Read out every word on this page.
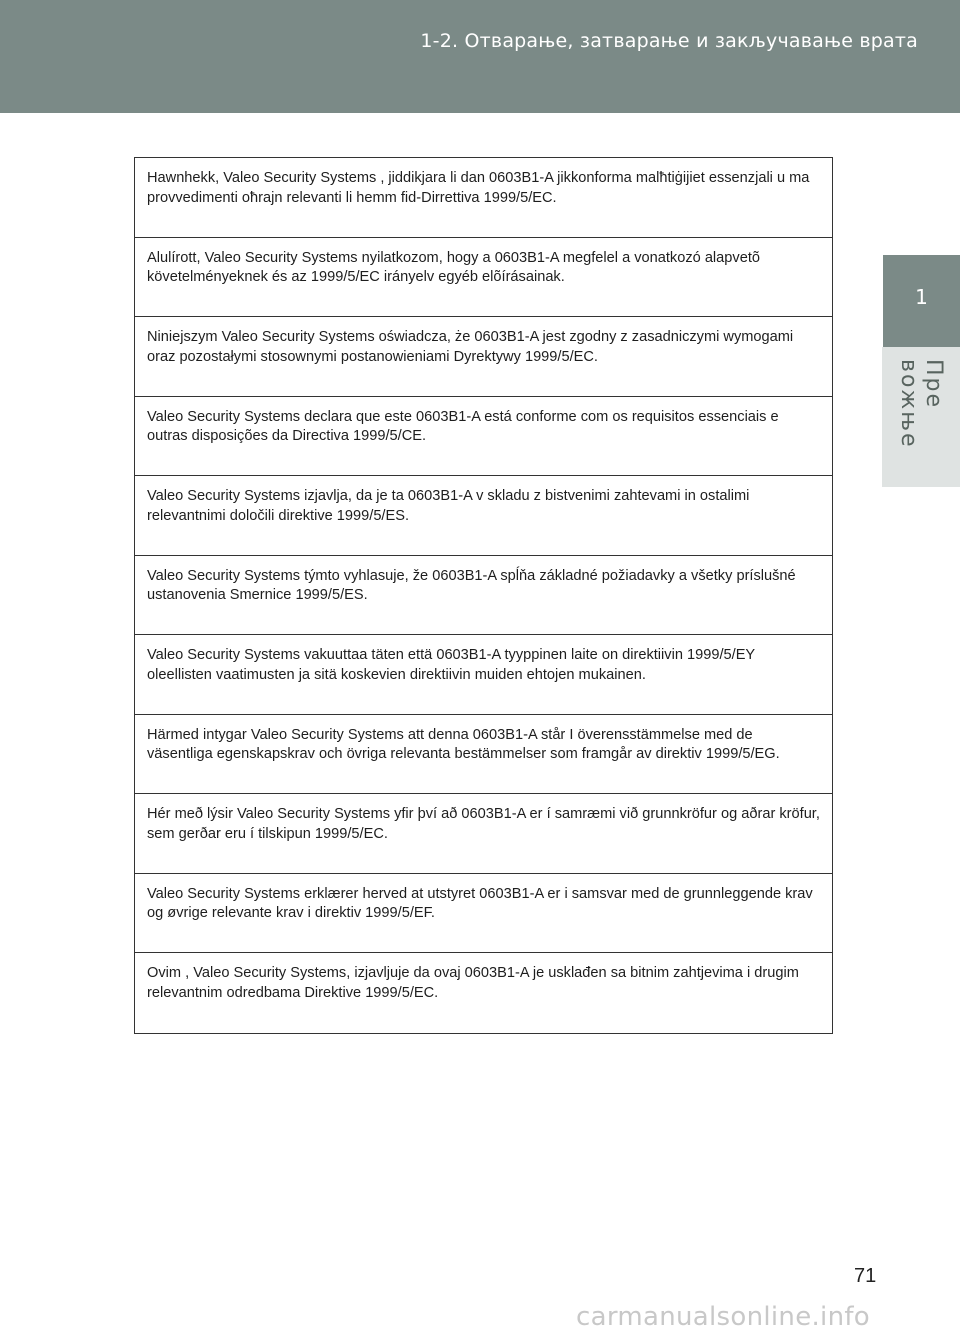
1-2. Отварање, затварање и закључавање врата
1
Пре вожње
Hawnhekk, Valeo Security Systems , jiddikjara li dan 0603B1-A jikkonforma malħtiġijiet essenzjali u ma provvedimenti oħrajn relevanti li hemm fid-Dirrettiva 1999/5/EC.
Alulírott, Valeo Security Systems nyilatkozom, hogy a 0603B1-A megfelel a vonatkozó alapvetõ követelményeknek és az 1999/5/EC irányelv egyéb elõírásainak.
Niniejszym Valeo Security Systems oświadcza, że 0603B1-A jest zgodny z zasadniczymi wymogami oraz pozostałymi stosownymi postanowieniami Dyrektywy 1999/5/EC.
Valeo Security Systems declara que este 0603B1-A está conforme com os requisitos essenciais e outras disposições da Directiva 1999/5/CE.
Valeo Security Systems izjavlja, da je ta 0603B1-A v skladu z bistvenimi zahtevami in ostalimi relevantnimi določili direktive 1999/5/ES.
Valeo Security Systems týmto vyhlasuje, že 0603B1-A spĺňa základné požiadavky a všetky príslušné ustanovenia Smernice 1999/5/ES.
Valeo Security Systems vakuuttaa täten että 0603B1-A tyyppinen laite on direktiivin 1999/5/EY oleellisten vaatimusten ja sitä koskevien direktiivin muiden ehtojen mukainen.
Härmed intygar Valeo Security Systems att denna 0603B1-A står I överensstämmelse med de väsentliga egenskapskrav och övriga relevanta bestämmelser som framgår av direktiv 1999/5/EG.
Hér með lýsir Valeo Security Systems yfir því að 0603B1-A er í samræmi við grunnkröfur og aðrar kröfur, sem gerðar eru í tilskipun 1999/5/EC.
Valeo Security Systems erklærer herved at utstyret 0603B1-A er i samsvar med de grunnleggende krav og øvrige relevante krav i direktiv 1999/5/EF.
Ovim , Valeo Security Systems, izjavljuje da ovaj 0603B1-A je usklađen sa bitnim zahtjevima i drugim relevantnim odredbama Direktive 1999/5/EC.
71
carmanualsonline.info
